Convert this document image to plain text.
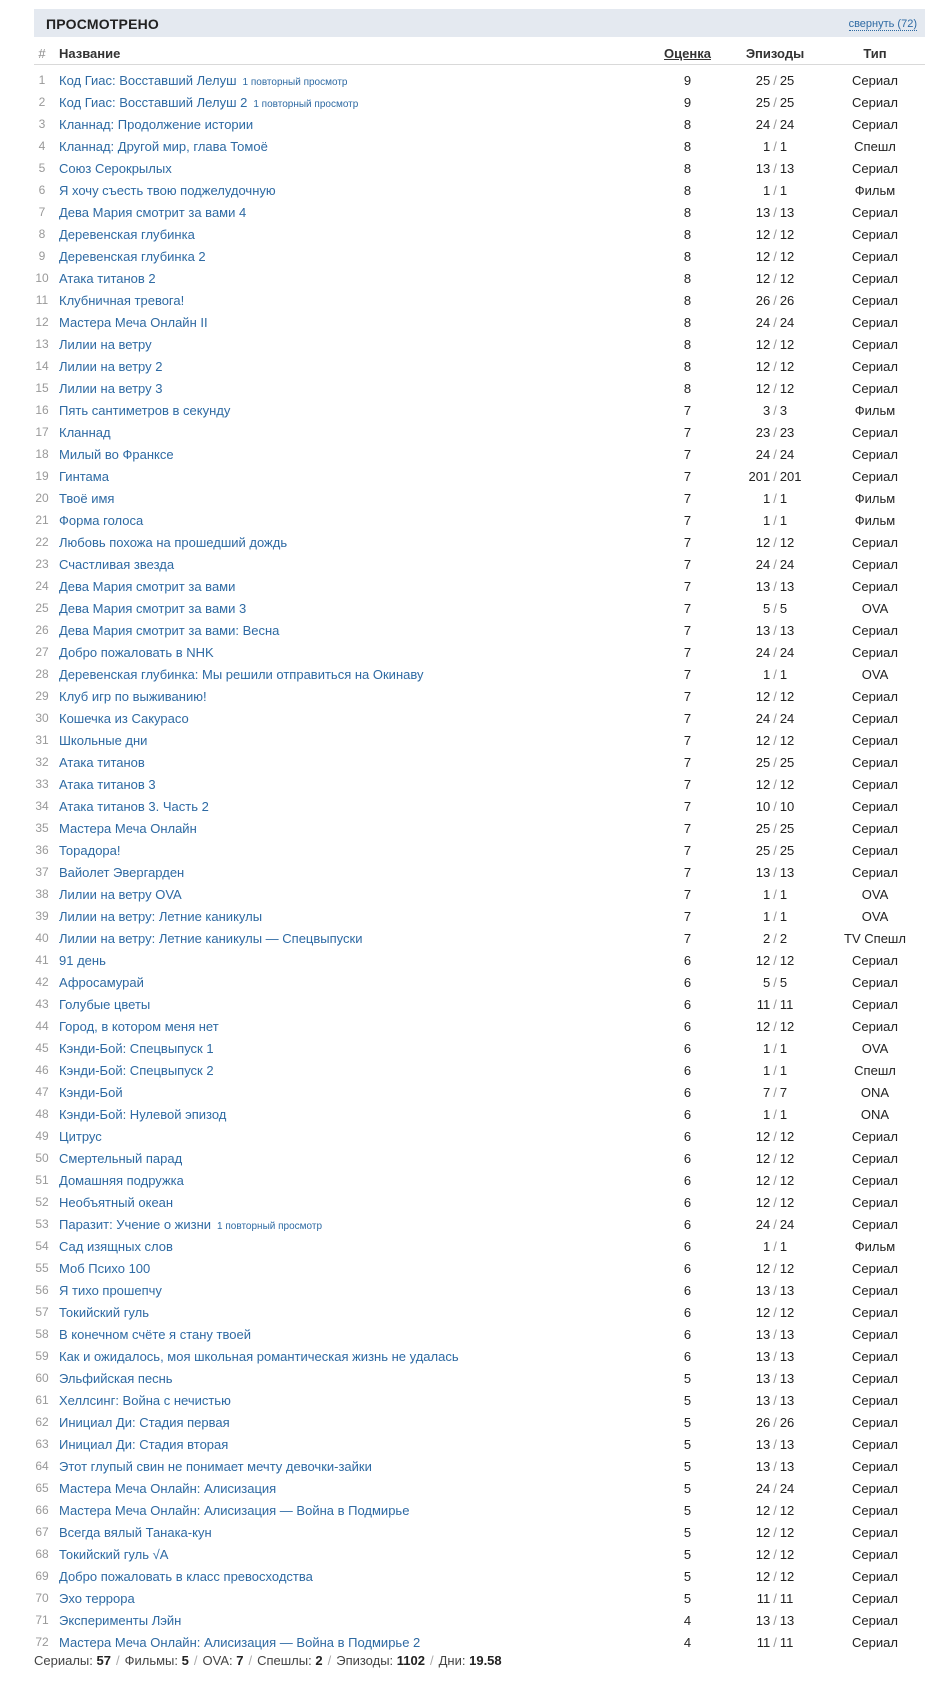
ПРОСМОТРЕНО	свернуть (72)
#	Название	Оценка	Эпизоды	Тип

1	Код Гиас: Восставший Лелуш 1 повторный просмотр	9	25 / 25	Сериал
2	Код Гиас: Восставший Лелуш 2 1 повторный просмотр	9	25 / 25	Сериал
3	Кланнад: Продолжение истории	8	24 / 24	Сериал
4	Кланнад: Другой мир, глава Томоё	8	1 / 1	Спешл
5	Союз Серокрылых	8	13 / 13	Сериал
6	Я хочу съесть твою поджелудочную	8	1 / 1	Фильм
7	Дева Мария смотрит за вами 4	8	13 / 13	Сериал
8	Деревенская глубинка	8	12 / 12	Сериал
9	Деревенская глубинка 2	8	12 / 12	Сериал
10	Атака титанов 2	8	12 / 12	Сериал
11	Клубничная тревога!	8	26 / 26	Сериал
12	Мастера Меча Онлайн II	8	24 / 24	Сериал
13	Лилии на ветру	8	12 / 12	Сериал
14	Лилии на ветру 2	8	12 / 12	Сериал
15	Лилии на ветру 3	8	12 / 12	Сериал
16	Пять сантиметров в секунду	7	3 / 3	Фильм
17	Кланнад	7	23 / 23	Сериал
18	Милый во Франксе	7	24 / 24	Сериал
19	Гинтама	7	201 / 201	Сериал
20	Твоё имя	7	1 / 1	Фильм
21	Форма голоса	7	1 / 1	Фильм
22	Любовь похожа на прошедший дождь	7	12 / 12	Сериал
23	Счастливая звезда	7	24 / 24	Сериал
24	Дева Мария смотрит за вами	7	13 / 13	Сериал
25	Дева Мария смотрит за вами 3	7	5 / 5	OVA
26	Дева Мария смотрит за вами: Весна	7	13 / 13	Сериал
27	Добро пожаловать в NHK	7	24 / 24	Сериал
28	Деревенская глубинка: Мы решили отправиться на Окинаву	7	1 / 1	OVA
29	Клуб игр по выживанию!	7	12 / 12	Сериал
30	Кошечка из Сакурасо	7	24 / 24	Сериал
31	Школьные дни	7	12 / 12	Сериал
32	Атака титанов	7	25 / 25	Сериал
33	Атака титанов 3	7	12 / 12	Сериал
34	Атака титанов 3. Часть 2	7	10 / 10	Сериал
35	Мастера Меча Онлайн	7	25 / 25	Сериал
36	Торадора!	7	25 / 25	Сериал
37	Вайолет Эвергарден	7	13 / 13	Сериал
38	Лилии на ветру OVA	7	1 / 1	OVA
39	Лилии на ветру: Летние каникулы	7	1 / 1	OVA
40	Лилии на ветру: Летние каникулы — Спецвыпуски	7	2 / 2	TV Спешл
41	91 день	6	12 / 12	Сериал
42	Афросамурай	6	5 / 5	Сериал
43	Голубые цветы	6	11 / 11	Сериал
44	Город, в котором меня нет	6	12 / 12	Сериал
45	Кэнди-Бой: Спецвыпуск 1	6	1 / 1	OVA
46	Кэнди-Бой: Спецвыпуск 2	6	1 / 1	Спешл
47	Кэнди-Бой	6	7 / 7	ONA
48	Кэнди-Бой: Нулевой эпизод	6	1 / 1	ONA
49	Цитрус	6	12 / 12	Сериал
50	Смертельный парад	6	12 / 12	Сериал
51	Домашняя подружка	6	12 / 12	Сериал
52	Необъятный океан	6	12 / 12	Сериал
53	Паразит: Учение о жизни 1 повторный просмотр	6	24 / 24	Сериал
54	Сад изящных слов	6	1 / 1	Фильм
55	Моб Психо 100	6	12 / 12	Сериал
56	Я тихо прошепчу	6	13 / 13	Сериал
57	Токийский гуль	6	12 / 12	Сериал
58	В конечном счёте я стану твоей	6	13 / 13	Сериал
59	Как и ожидалось, моя школьная романтическая жизнь не удалась	6	13 / 13	Сериал
60	Эльфийская песнь	5	13 / 13	Сериал
61	Хеллсинг: Война с нечистью	5	13 / 13	Сериал
62	Инициал Ди: Стадия первая	5	26 / 26	Сериал
63	Инициал Ди: Стадия вторая	5	13 / 13	Сериал
64	Этот глупый свин не понимает мечту девочки-зайки	5	13 / 13	Сериал
65	Мастера Меча Онлайн: Алисизация	5	24 / 24	Сериал
66	Мастера Меча Онлайн: Алисизация — Война в Подмирье	5	12 / 12	Сериал
67	Всегда вялый Танака-кун	5	12 / 12	Сериал
68	Токийский гуль √A	5	12 / 12	Сериал
69	Добро пожаловать в класс превосходства	5	12 / 12	Сериал
70	Эхо террора	5	11 / 11	Сериал
71	Эксперименты Лэйн	4	13 / 13	Сериал
72	Мастера Меча Онлайн: Алисизация — Война в Подмирье 2	4	11 / 11	Сериал
Сериалы: 57 / Фильмы: 5 / OVA: 7 / Спешлы: 2 / Эпизоды: 1102 / Дни: 19.58
